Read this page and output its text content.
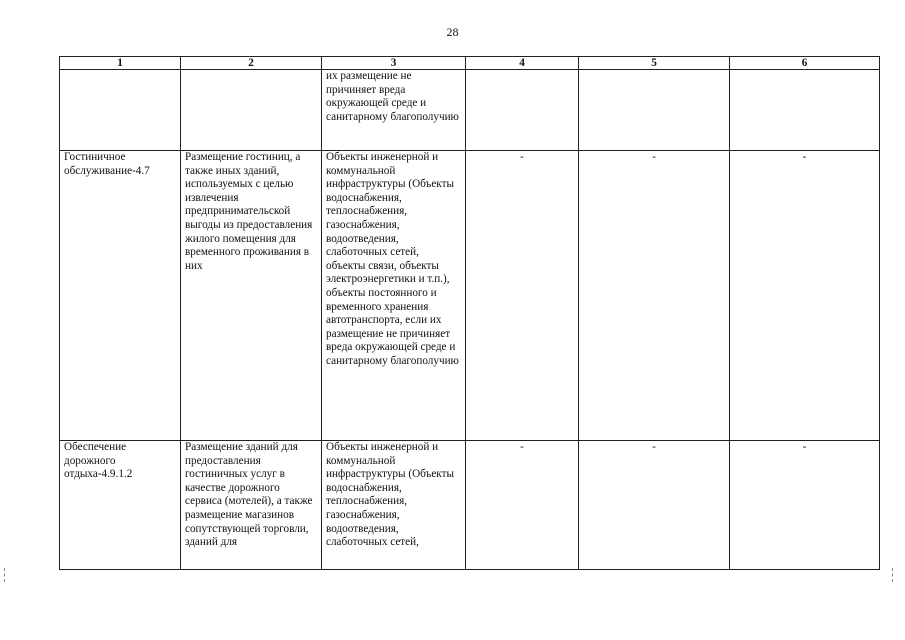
28
1	2	3	4	5	6
		их размещение не причиняет вреда окружающей среде и санитарному благополучию			
Гостиничное обслуживание-4.7	Размещение гостиниц, а также иных зданий, используемых с целью извлечения предпринимательской выгоды из предоставления жилого помещения для временного проживания в них	Объекты инженерной и коммунальной инфраструктуры (Объекты водоснабжения, теплоснабжения, газоснабжения, водоотведения, слаботочных сетей, объекты связи, объекты электроэнергетики и т.п.), объекты постоянного и временного хранения автотранспорта, если их размещение не причиняет вреда окружающей среде и санитарному благополучию	-	-	-
Обеспечение дорожного отдыха-4.9.1.2	Размещение зданий для предоставления гостиничных услуг в качестве дорожного сервиса (мотелей), а также размещение магазинов сопутствующей торговли, зданий для	Объекты инженерной и коммунальной инфраструктуры (Объекты водоснабжения, теплоснабжения, газоснабжения, водоотведения, слаботочных сетей,	-	-	-
